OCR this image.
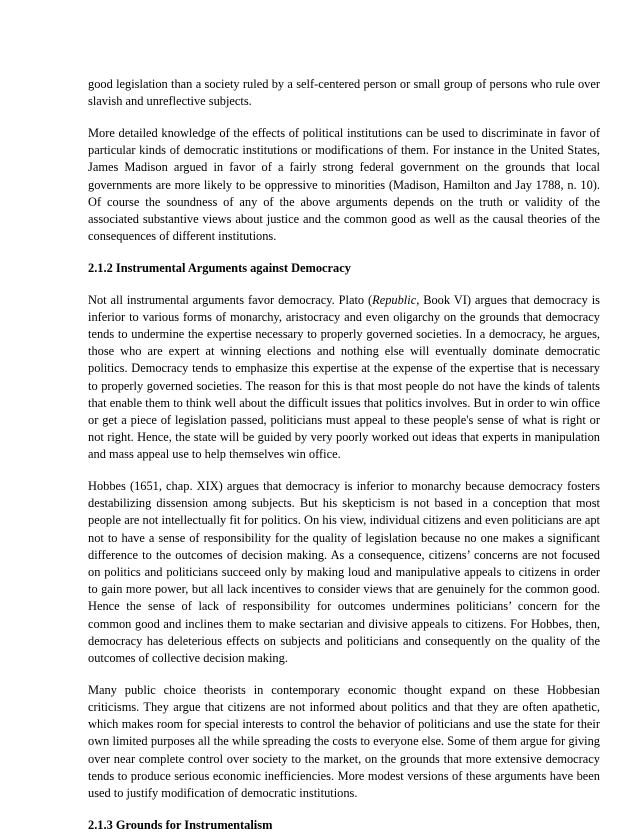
good legislation than a society ruled by a self-centered person or small group of persons who rule over slavish and unreflective subjects.

More detailed knowledge of the effects of political institutions can be used to discriminate in favor of particular kinds of democratic institutions or modifications of them. For instance in the United States, James Madison argued in favor of a fairly strong federal government on the grounds that local governments are more likely to be oppressive to minorities (Madison, Hamilton and Jay 1788, n. 10). Of course the soundness of any of the above arguments depends on the truth or validity of the associated substantive views about justice and the common good as well as the causal theories of the consequences of different institutions.

2.1.2 Instrumental Arguments against Democracy

Not all instrumental arguments favor democracy. Plato (Republic, Book VI) argues that democracy is inferior to various forms of monarchy, aristocracy and even oligarchy on the grounds that democracy tends to undermine the expertise necessary to properly governed societies. In a democracy, he argues, those who are expert at winning elections and nothing else will eventually dominate democratic politics. Democracy tends to emphasize this expertise at the expense of the expertise that is necessary to properly governed societies. The reason for this is that most people do not have the kinds of talents that enable them to think well about the difficult issues that politics involves. But in order to win office or get a piece of legislation passed, politicians must appeal to these people's sense of what is right or not right. Hence, the state will be guided by very poorly worked out ideas that experts in manipulation and mass appeal use to help themselves win office.

Hobbes (1651, chap. XIX) argues that democracy is inferior to monarchy because democracy fosters destabilizing dissension among subjects. But his skepticism is not based in a conception that most people are not intellectually fit for politics. On his view, individual citizens and even politicians are apt not to have a sense of responsibility for the quality of legislation because no one makes a significant difference to the outcomes of decision making. As a consequence, citizens’ concerns are not focused on politics and politicians succeed only by making loud and manipulative appeals to citizens in order to gain more power, but all lack incentives to consider views that are genuinely for the common good. Hence the sense of lack of responsibility for outcomes undermines politicians’ concern for the common good and inclines them to make sectarian and divisive appeals to citizens. For Hobbes, then, democracy has deleterious effects on subjects and politicians and consequently on the quality of the outcomes of collective decision making.

Many public choice theorists in contemporary economic thought expand on these Hobbesian criticisms. They argue that citizens are not informed about politics and that they are often apathetic, which makes room for special interests to control the behavior of politicians and use the state for their own limited purposes all the while spreading the costs to everyone else. Some of them argue for giving over near complete control over society to the market, on the grounds that more extensive democracy tends to produce serious economic inefficiencies. More modest versions of these arguments have been used to justify modification of democratic institutions.

2.1.3 Grounds for Instrumentalism
